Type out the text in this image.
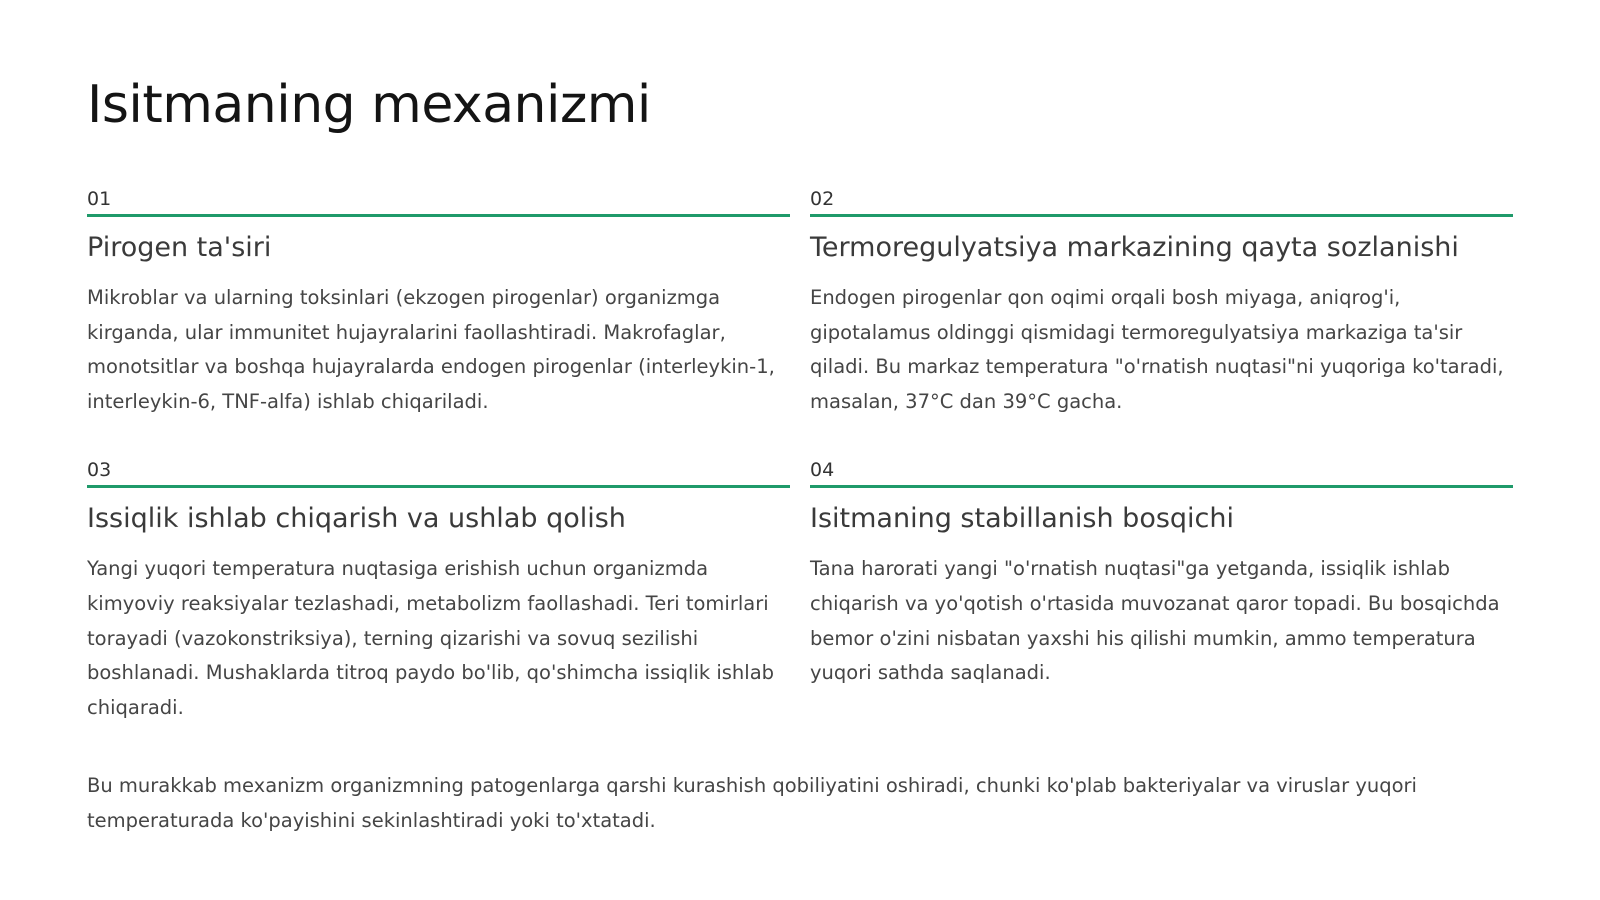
Isitmaning mexanizmi
01
Pirogen ta'siri

Mikroblar va ularning toksinlari (ekzogen pirogenlar) organizmga kirganda, ular immunitet hujayralarini faollashtiradi. Makrofaglar, monotsitlar va boshqa hujayralarda endogen pirogenlar (interleykin-1, interleykin-6, TNF-alfa) ishlab chiqariladi.

02
Termoregulyatsiya markazining qayta sozlanishi

Endogen pirogenlar qon oqimi orqali bosh miyaga, aniqrog'i, gipotalamus oldinggi qismidagi termoregulyatsiya markaziga ta'sir qiladi. Bu markaz temperatura "o'rnatish nuqtasi"ni yuqoriga ko'taradi, masalan, 37°C dan 39°C gacha.

03
Issiqlik ishlab chiqarish va ushlab qolish

Yangi yuqori temperatura nuqtasiga erishish uchun organizmda kimyoviy reaksiyalar tezlashadi, metabolizm faollashadi. Teri tomirlari torayadi (vazokonstriksiya), terning qizarishi va sovuq sezilishi boshlanadi. Mushaklarda titroq paydo bo'lib, qo'shimcha issiqlik ishlab chiqaradi.

04
Isitmaning stabillanish bosqichi

Tana harorati yangi "o'rnatish nuqtasi"ga yetganda, issiqlik ishlab chiqarish va yo'qotish o'rtasida muvozanat qaror topadi. Bu bosqichda bemor o'zini nisbatan yaxshi his qilishi mumkin, ammo temperatura yuqori sathda saqlanadi.

Bu murakkab mexanizm organizmning patogenlarga qarshi kurashish qobiliyatini oshiradi, chunki ko'plab bakteriyalar va viruslar yuqori temperaturada ko'payishini sekinlashtiradi yoki to'xtatadi.
